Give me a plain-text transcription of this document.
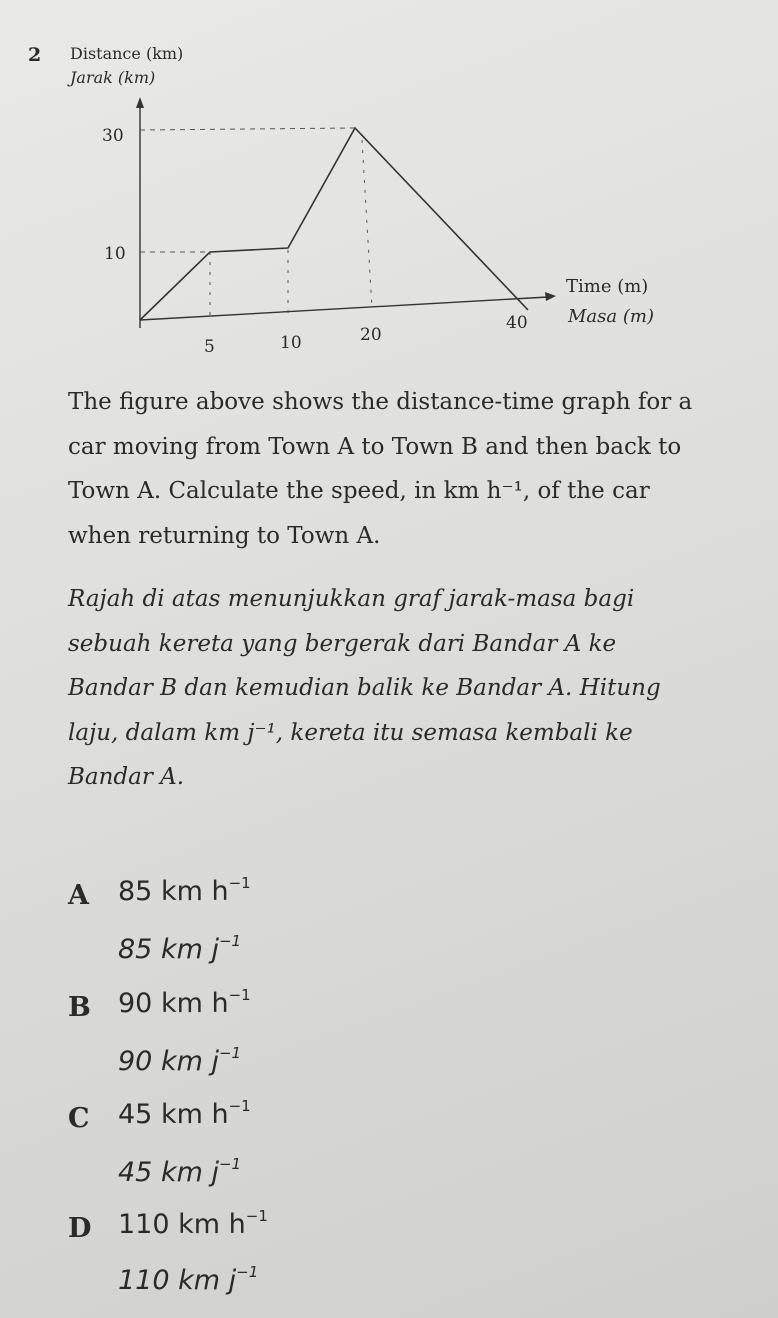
2 Distance (km)
Jarak (km)
30
10
5	10	20
40
Time (m)
Masa (m)

The figure above shows the distance-time graph for a car moving from Town A to Town B and then back to Town A. Calculate the speed, in km h⁻¹, of the car when returning to Town A.

Rajah di atas menunjukkan graf jarak-masa bagi sebuah kereta yang bergerak dari Bandar A ke Bandar B dan kemudian balik ke Bandar A. Hitung laju, dalam km j⁻¹, kereta itu semasa kembali ke Bandar A.

A 85 km $h^{-1}$
85 km $j^{-1}$
B 90 km $h^{-1}$
90 km $j^{-1}$
C 45 km $h^{-1}$
45 km $j^{-1}$
D 110 km $h^{-1}$
110 km $j^{-1}$
